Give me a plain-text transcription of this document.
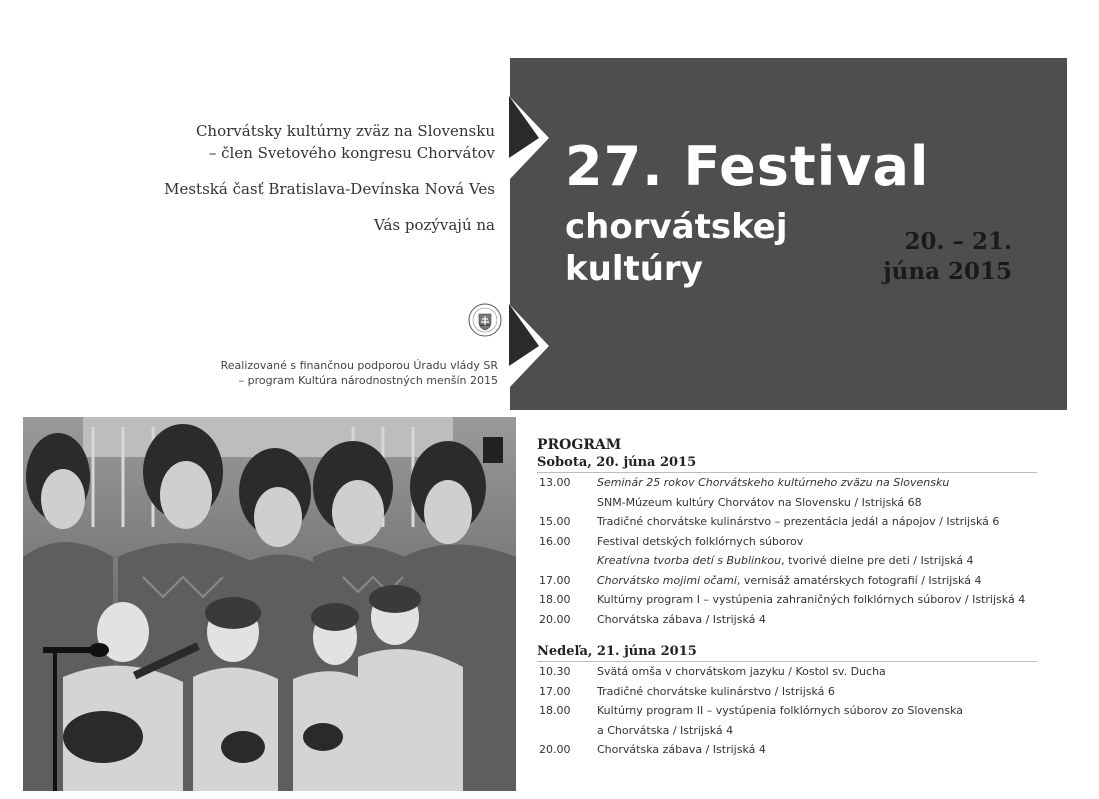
Chorvátsky kultúrny zväz na Slovensku
– člen Svetového kongresu Chorvátov
Mestská časť Bratislava-Devínska Nová Ves
Vás pozývajú na
27. Festival
chorvátskej
kultúry
20. – 21.
júna 2015
Realizované s finančnou podporou Úradu vlády SR
– program Kultúra národnostných menšín 2015
PROGRAM
Sobota, 20. júna 2015
13.00	Seminár 25 rokov Chorvátskeho kultúrneho zväzu na Slovensku
SNM-Múzeum kultúry Chorvátov na Slovensku / Istrijská 68
15.00	Tradičné chorvátske kulinárstvo – prezentácia jedál a nápojov / Istrijská 6
16.00	Festival detských folklórnych súborov
Kreatívna tvorba detí s Bublinkou, tvorivé dielne pre deti / Istrijská 4
17.00	Chorvátsko mojimi očami, vernisáž amatérskych fotografií / Istrijská 4
18.00	Kultúrny program I – vystúpenia zahraničných folklórnych súborov / Istrijská 4
20.00	Chorvátska zábava / Istrijská 4
Nedeľa, 21. júna 2015
10.30	Svätá omša v chorvátskom jazyku / Kostol sv. Ducha
17.00	Tradičné chorvátske kulinárstvo / Istrijská 6
18.00	Kultúrny program II – vystúpenia folklórnych súborov zo Slovenska
a Chorvátska / Istrijská 4
20.00	Chorvátska zábava / Istrijská 4
